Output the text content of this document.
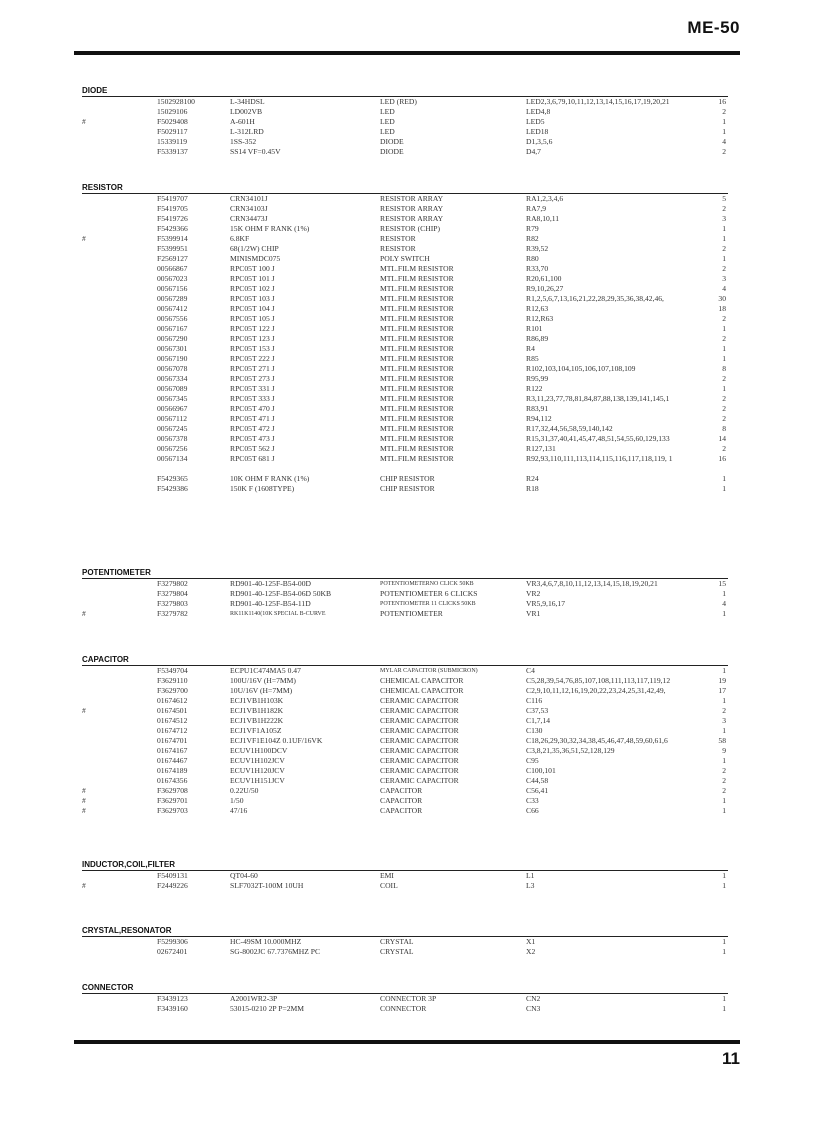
ME-50
DIODE
1502928100	L-34HDSL	LED (RED)	LED2,3,6,79,10,11,12,13,14,15,16,17,19,20,21	16
15029106	LD002VB	LED	LED4,8	2
#	F5029408	A-601H	LED	LED5	1
F5029117	L-312LRD	LED	LED18	1
15339119	1SS-352	DIODE	D1,3,5,6	4
F5339137	SS14 VF=0.45V	DIODE	D4,7	2
RESISTOR
F5419707	CRN34101J	RESISTOR ARRAY	RA1,2,3,4,6	5
F5419705	CRN34103J	RESISTOR ARRAY	RA7,9	2
F5419726	CRN34473J	RESISTOR ARRAY	RA8,10,11	3
F5429366	15K OHM F RANK (1%)	RESISTOR (CHIP)	R79	1
#	F5399914	6.8KF	RESISTOR	R82	1
F5399951	68(1/2W) CHIP	RESISTOR	R39,52	2
F2569127	MINISMDC075	POLY SWITCH	R80	1
00566867	RPC05T 100 J	MTL.FILM RESISTOR	R33,70	2
00567023	RPC05T 101 J	MTL.FILM RESISTOR	R20,61,100	3
00567156	RPC05T 102 J	MTL.FILM RESISTOR	R9,10,26,27	4
00567289	RPC05T 103 J	MTL.FILM RESISTOR	R1,2,5,6,7,13,16,21,22,28,29,35,36,38,42,46,	30
00567412	RPC05T 104 J	MTL.FILM RESISTOR	R12,63	18
00567556	RPC05T 105 J	MTL.FILM RESISTOR	R12,R63	2
00567167	RPC05T 122 J	MTL.FILM RESISTOR	R101	1
00567290	RPC05T 123 J	MTL.FILM RESISTOR	R86,89	2
00567301	RPC05T 153 J	MTL.FILM RESISTOR	R4	1
00567190	RPC05T 222 J	MTL.FILM RESISTOR	R85	1
00567078	RPC05T 271 J	MTL.FILM RESISTOR	R102,103,104,105,106,107,108,109	8
00567334	RPC05T 273 J	MTL.FILM RESISTOR	R95,99	2
00567089	RPC05T 331 J	MTL.FILM RESISTOR	R122	1
00567345	RPC05T 333 J	MTL.FILM RESISTOR	R3,11,23,77,78,81,84,87,88,138,139,141,145,1	2
00566967	RPC05T 470 J	MTL.FILM RESISTOR	R83,91	2
00567112	RPC05T 471 J	MTL.FILM RESISTOR	R94,112	2
00567245	RPC05T 472 J	MTL.FILM RESISTOR	R17,32,44,56,58,59,140,142	8
00567378	RPC05T 473 J	MTL.FILM RESISTOR	R15,31,37,40,41,45,47,48,51,54,55,60,129,133	14
00567256	RPC05T 562 J	MTL.FILM RESISTOR	R127,131	2
00567134	RPC05T 681 J	MTL.FILM RESISTOR	R92,93,110,111,113,114,115,116,117,118,119, 1	16
F5429365	10K OHM F RANK (1%)	CHIP RESISTOR	R24	1
F5429386	150K F (1608TYPE)	CHIP RESISTOR	R18	1
POTENTIOMETER
F3279802	RD901-40-125F-B54-00D	POTENTIOMETERNO CLICK 50KB	VR3,4,6,7,8,10,11,12,13,14,15,18,19,20,21	15
F3279804	RD901-40-125F-B54-06D 50KB	POTENTIOMETER 6 CLICKS	VR2	1
F3279803	RD901-40-125F-B54-11D	POTENTIOMETER 11 CLICKS 50KB	VR5,9,16,17	4
#	F3279782	RK11K1140(10K SPECIAL B-CURVE	POTENTIOMETER	VR1	1
CAPACITOR
F5349704	ECPU1C474MA5 0.47	MYLAR CAPACITOR (SUBMICRON)	C4	1
F3629110	100U/16V (H=7MM)	CHEMICAL CAPACITOR	C5,28,39,54,76,85,107,108,111,113,117,119,12	19
F3629700	10U/16V (H=7MM)	CHEMICAL CAPACITOR	C2,9,10,11,12,16,19,20,22,23,24,25,31,42,49,	17
01674612	ECJ1VB1H103K	CERAMIC CAPACITOR	C116	1
#	01674501	ECJ1VB1H182K	CERAMIC CAPACITOR	C37,53	2
01674512	ECJ1VB1H222K	CERAMIC CAPACITOR	C1,7,14	3
01674712	ECJ1VF1A105Z	CERAMIC CAPACITOR	C130	1
01674701	ECJ1VF1E104Z 0.1UF/16VK	CERAMIC CAPACITOR	C18,26,29,30,32,34,38,45,46,47,48,59,60,61,6	58
01674167	ECUV1H100DCV	CERAMIC CAPACITOR	C3,8,21,35,36,51,52,128,129	9
01674467	ECUV1H102JCV	CERAMIC CAPACITOR	C95	1
01674189	ECUV1H120JCV	CERAMIC CAPACITOR	C100,101	2
01674356	ECUV1H151JCV	CERAMIC CAPACITOR	C44,58	2
#	F3629708	0.22U/50	CAPACITOR	C56,41	2
#	F3629701	1/50	CAPACITOR	C33	1
#	F3629703	47/16	CAPACITOR	C66	1
INDUCTOR,COIL,FILTER
F5409131	QT04-60	EMI	L1	1
#	F2449226	SLF7032T-100M 10UH	COIL	L3	1
CRYSTAL,RESONATOR
F5299306	HC-49SM 10.000MHZ	CRYSTAL	X1	1
02672401	SG-8002JC 67.7376MHZ PC	CRYSTAL	X2	1
CONNECTOR
F3439123	A2001WR2-3P	CONNECTOR 3P	CN2	1
F3439160	53015-0210 2P P=2MM	CONNECTOR	CN3	1
11
